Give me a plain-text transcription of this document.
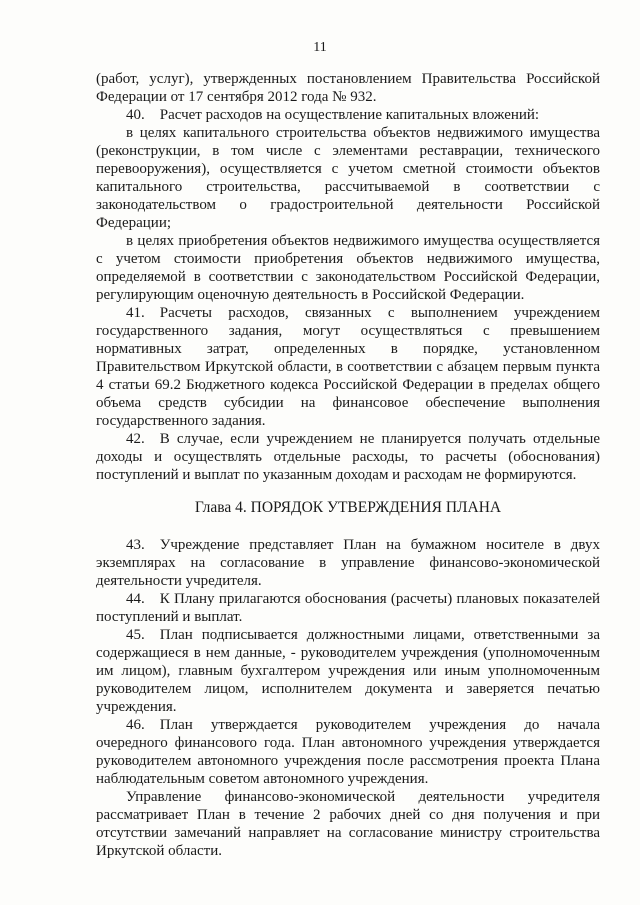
11

(работ, услуг), утвержденных постановлением Правительства Российской Федерации от 17 сентября 2012 года № 932.

40. Расчет расходов на осуществление капитальных вложений:

в целях капитального строительства объектов недвижимого имущества (реконструкции, в том числе с элементами реставрации, технического перевооружения), осуществляется с учетом сметной стоимости объектов капитального строительства, рассчитываемой в соответствии с законодательством о градостроительной деятельности Российской Федерации;

в целях приобретения объектов недвижимого имущества осуществляется с учетом стоимости приобретения объектов недвижимого имущества, определяемой в соответствии с законодательством Российской Федерации, регулирующим оценочную деятельность в Российской Федерации.

41. Расчеты расходов, связанных с выполнением учреждением государственного задания, могут осуществляться с превышением нормативных затрат, определенных в порядке, установленном Правительством Иркутской области, в соответствии с абзацем первым пункта 4 статьи 69.2 Бюджетного кодекса Российской Федерации в пределах общего объема средств субсидии на финансовое обеспечение выполнения государственного задания.

42. В случае, если учреждением не планируется получать отдельные доходы и осуществлять отдельные расходы, то расчеты (обоснования) поступлений и выплат по указанным доходам и расходам не формируются.

Глава 4. ПОРЯДОК УТВЕРЖДЕНИЯ ПЛАНА

43. Учреждение представляет План на бумажном носителе в двух экземплярах на согласование в управление финансово-экономической деятельности учредителя.

44. К Плану прилагаются обоснования (расчеты) плановых показателей поступлений и выплат.

45. План подписывается должностными лицами, ответственными за содержащиеся в нем данные, - руководителем учреждения (уполномоченным им лицом), главным бухгалтером учреждения или иным уполномоченным руководителем лицом, исполнителем документа и заверяется печатью учреждения.

46. План утверждается руководителем учреждения до начала очередного финансового года. План автономного учреждения утверждается руководителем автономного учреждения после рассмотрения проекта Плана наблюдательным советом автономного учреждения.

Управление финансово-экономической деятельности учредителя рассматривает План в течение 2 рабочих дней со дня получения и при отсутствии замечаний направляет на согласование министру строительства Иркутской области.
